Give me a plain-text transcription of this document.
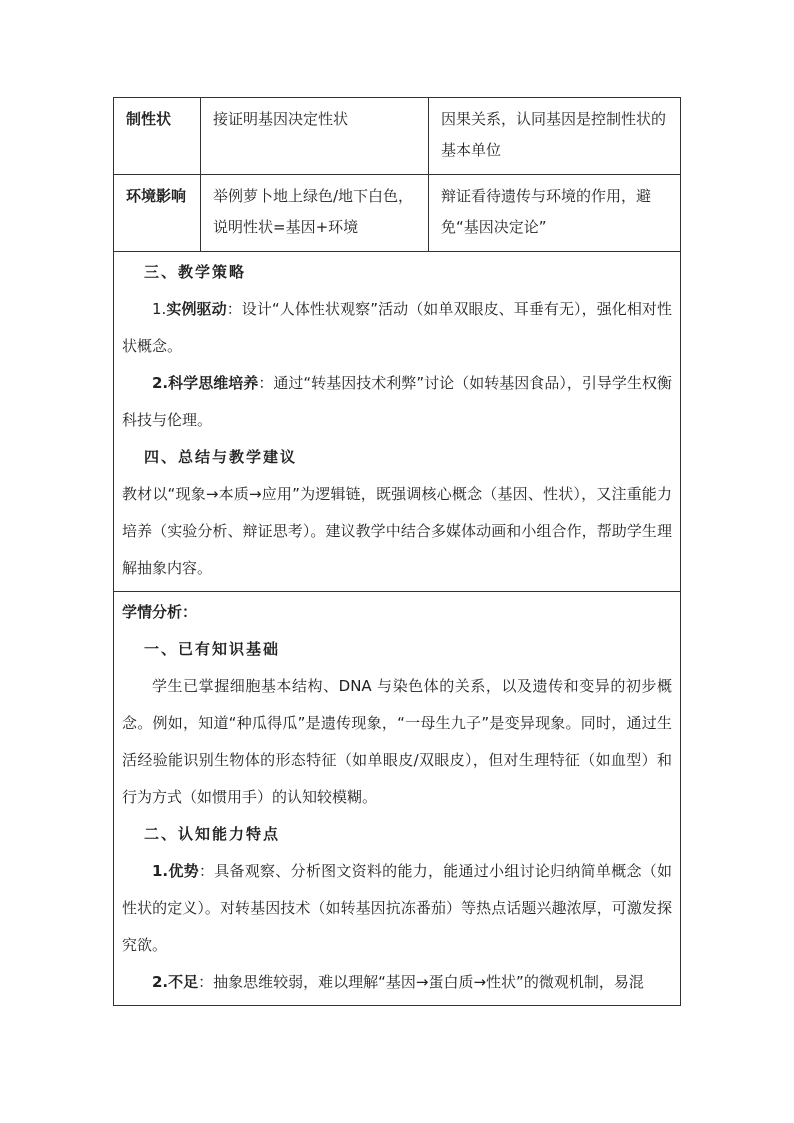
制性状	接证明基因决定性状	因果关系，认同基因是控制性状的基本单位
环境影响	举例萝卜地上绿色/地下白色，说明性状=基因+环境	辩证看待遗传与环境的作用，避免“基因决定论”

三、教学策略

1.实例驱动：设计“人体性状观察”活动（如单双眼皮、耳垂有无），强化相对性状概念。

2.科学思维培养：通过“转基因技术利弊”讨论（如转基因食品），引导学生权衡科技与伦理。

四、总结与教学建议

教材以“现象→本质→应用”为逻辑链，既强调核心概念（基因、性状），又注重能力培养（实验分析、辩证思考）。建议教学中结合多媒体动画和小组合作，帮助学生理解抽象内容。

学情分析：

一、已有知识基础

学生已掌握细胞基本结构、DNA 与染色体的关系，以及遗传和变异的初步概念。例如，知道“种瓜得瓜”是遗传现象，“一母生九子”是变异现象。同时，通过生活经验能识别生物体的形态特征（如单眼皮/双眼皮），但对生理特征（如血型）和行为方式（如惯用手）的认知较模糊。

二、认知能力特点

1.优势：具备观察、分析图文资料的能力，能通过小组讨论归纳简单概念（如性状的定义）。对转基因技术（如转基因抗冻番茄）等热点话题兴趣浓厚，可激发探究欲。

2.不足：抽象思维较弱，难以理解“基因→蛋白质→性状”的微观机制，易混
